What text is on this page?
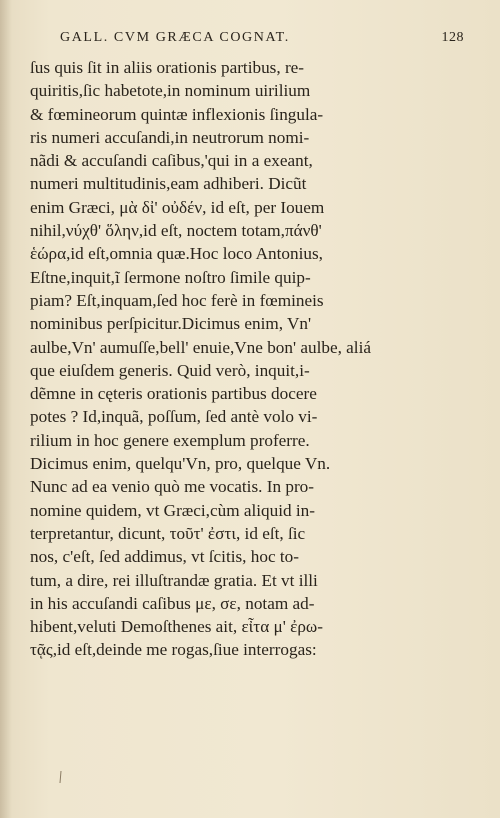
GALL. CVM GRÆCA COGNAT.	128
ſus quis ſit in aliis orationis partibus, re-
quiritis,ſic habetote,in nominum uirilium
& fœmineorum quintæ inflexionis ſingula-
ris numeri accuſandi,in neutrorum nomi-
nãdi & accuſandi caſibus,'qui in a exeant,
numeri multitudinis,eam adhiberi. Dicũt
enim Græci, μὰ δἰ' οὐδέν, id eſt, per Iouem
nihil,νύχθ' ὅλην,id eſt, noctem totam,πάνθ'
ἑώρα,id eſt,omnia quæ.Hoc loco Antonius,
Eſtne,inquit,ĩ ſermone noſtro ſimile quip-
piam? Eſt,inquam,ſed hoc ferè in fœmineis
nominibus perſpicitur.Dicimus enim, Vn'
aulbe,Vn' aumuſſe,bell' enuie,Vne bon' aulbe, aliá
que eiuſdem generis. Quid verò, inquit,i-
dẽmne in cęteris orationis partibus docere
potes ? Id,inquã, poſſum, ſed antè volo vi-
rilium in hoc genere exemplum proferre.
Dicimus enim, quelqu'Vn, pro, quelque Vn.
Nunc ad ea venio quò me vocatis. In pro-
nomine quidem, vt Græci,cùm aliquid in-
terpretantur, dicunt, τοῦτ' ἐστι, id eſt, ſic
nos, c'eſt, ſed addimus, vt ſcitis, hoc to-
tum, a dire, rei illuſtrandæ gratia. Et vt illi
in his accuſandi caſibus με, σε, notam ad-
hibent,veluti Demoſthenes ait, εἶτα μ' ἐρω-
τᾷς,id eſt,deinde me rogas,ſiue interrogas:
